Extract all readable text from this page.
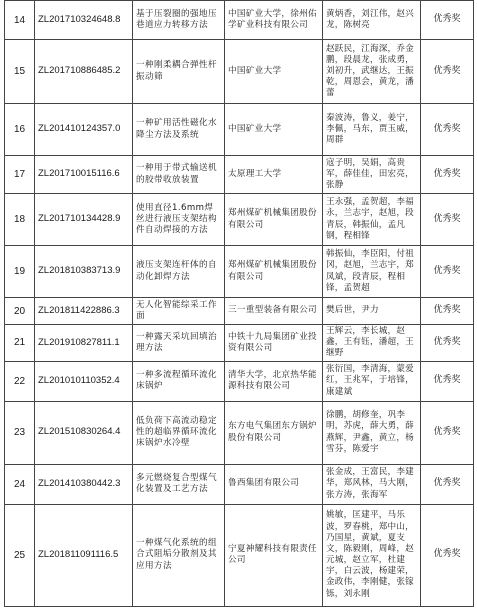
14	ZL201710324648.8	基于压裂圈的强地压巷道应力转移方法	中国矿业大学，徐州佑学矿业科技有限公司	黄炳香，刘江伟，赵兴龙，陈树亮	优秀奖
15	ZL201710886485.2	一种刚柔耦合弹性杆振动筛	中国矿业大学	赵跃民，江海深，乔金鹏，段晨龙，张成勇，刘初升，武继达，王振乾，周恩会，黄龙，潘蕾	优秀奖
16	ZL201410124357.0	一种矿用活性磁化水降尘方法及系统	中国矿业大学	秦波涛，鲁义，姜宁，李佩，马东，贾玉威，周群	优秀奖
17	ZL201710015116.6	一种用于带式输送机的胶带收放装置	太原理工大学	寇子明，吴娟，高贵军，薛佳佳，田宏亮，张静	优秀奖
18	ZL201710134428.9	使用直径1.6mm焊丝进行液压支架结构件自动焊接的方法	郑州煤矿机械集团股份有限公司	王永强，孟贺超，李福永，兰志宇，赵旭，段青辰，韩振仙，孟凡钢，程相锋	优秀奖
19	ZL201810383713.9	液压支架连杆体的自动化卸焊方法	郑州煤矿机械集团股份有限公司	韩振仙，李臣阳，付祖冈，赵旭，兰志宇，郑凤斌，段青辰，程相锋，孟贺超	优秀奖
20	ZL201811422886.3	无人化智能综采工作面	三一重型装备有限公司	樊后世，尹力	优秀奖
21	ZL201910827811.1	一种露天采坑回填治理方法	中铁十九局集团矿业投资有限公司	王辉云，李长城，赵鑫，王有钰，潘超，王继野	优秀奖
22	ZL201010110352.4	一种多流程循环流化床锅炉	清华大学，北京热华能源科技有限公司	张衍国，李清海，蒙爱红，王兆军，于培锋，康建斌	优秀奖
23	ZL201510830264.4	低负荷下高流动稳定性的超临界循环流化床锅炉水冷壁	东方电气集团东方锅炉股份有限公司	徐鹏，胡修奎，巩李明，苏虎，薛大勇，薛燕辉，尹鑫，黄立，杨雪芬，陈爱宇	优秀奖
24	ZL201410380442.3	多元燃烧复合型煤气化装置及工艺方法	鲁西集团有限公司	张金成，王富民，李建华，郑风林，马大刚，张方涛，张海军	优秀奖
25	ZL201811091116.5	一种煤气化系统的组合式阻垢分散剂及其应用方法	宁夏神耀科技有限责任公司	姚敏，匡建平，马乐波，罗春桃，郑中山，乃国星，黄斌，夏支文，陈毅刚，周峰，赵元城，赵立军，杜建宇，白云波，杨建荣，金政伟，李刚健，张镓铄，刘永刚	优秀奖
